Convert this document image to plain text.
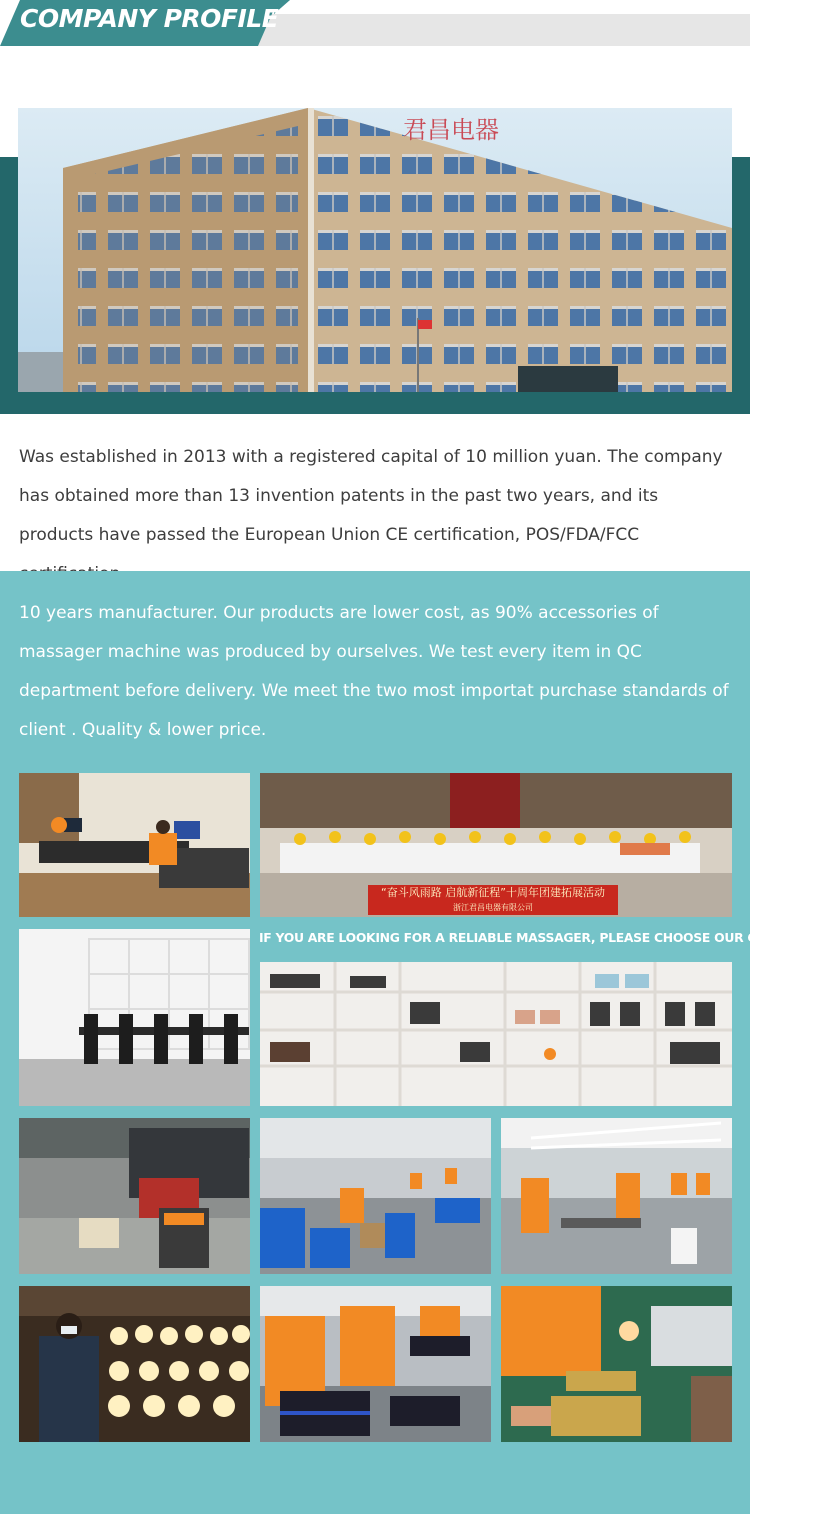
COMPANY PROFILE
君昌电器
Was established in 2013 with a registered capital of 10 million yuan. The company has obtained more than 13 invention patents in the past two years, and its products have passed the European Union CE certification, POS/FDA/FCC
10 years manufacturer. Our products are lower cost, as 90% accessories of massager machine was produced by ourselves. We test every item in QC department before delivery. We meet the two most importat purchase standards of client . Quality & lower price.
“奋斗风雨路 启航新征程”十周年团建拓展活动
浙江君昌电器有限公司
IF YOU ARE LOOKING FOR A RELIABLE MASSAGER, PLEASE CHOOSE OUR COMPANY
